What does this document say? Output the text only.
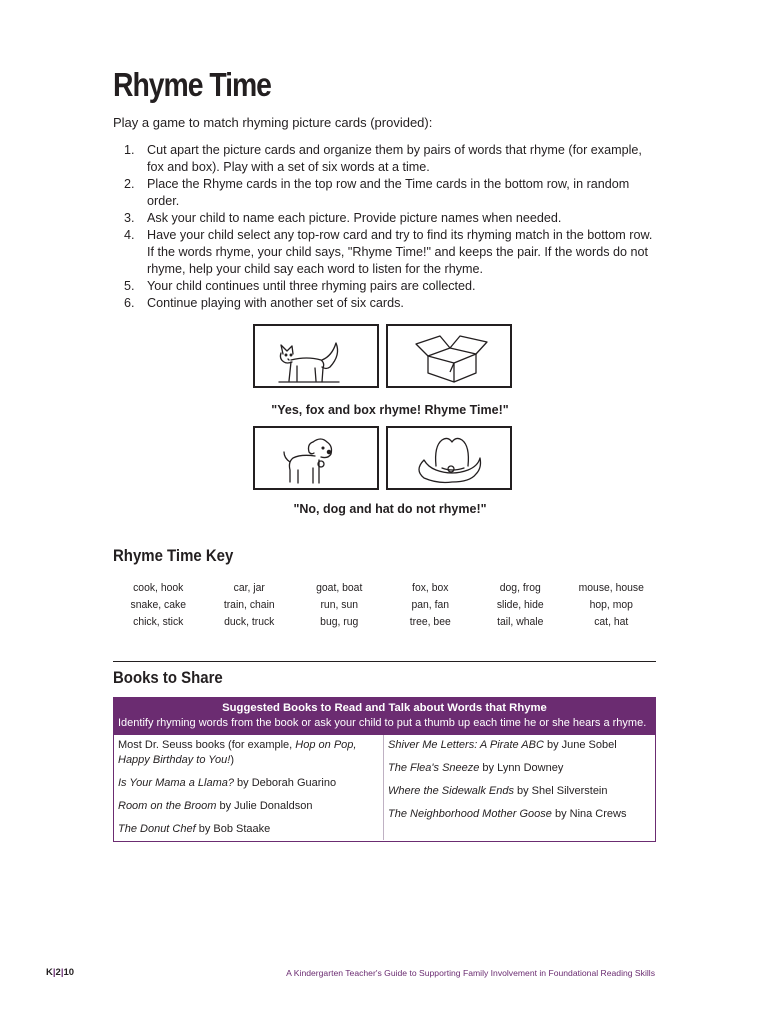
Rhyme Time

Play a game to match rhyming picture cards (provided):

1. Cut apart the picture cards and organize them by pairs of words that rhyme (for example, fox and box). Play with a set of six words at a time.
2. Place the Rhyme cards in the top row and the Time cards in the bottom row, in random order.
3. Ask your child to name each picture. Provide picture names when needed.
4. Have your child select any top-row card and try to find its rhyming match in the bottom row. If the words rhyme, your child says, "Rhyme Time!" and keeps the pair. If the words do not rhyme, help your child say each word to listen for the rhyme.
5. Your child continues until three rhyming pairs are collected.
6. Continue playing with another set of six cards.
"Yes, fox and box rhyme! Rhyme Time!"
"No, dog and hat do not rhyme!"
Rhyme Time Key
cook, hook	car, jar	goat, boat	fox, box	dog, frog	mouse, house
snake, cake	train, chain	run, sun	pan, fan	slide, hide	hop, mop
chick, stick	duck, truck	bug, rug	tree, bee	tail, whale	cat, hat
Books to Share
Suggested Books to Read and Talk about Words that Rhyme
Identify rhyming words from the book or ask your child to put a thumb up each time he or she hears a rhyme.
Most Dr. Seuss books (for example, Hop on Pop, Happy Birthday to You!)
Is Your Mama a Llama? by Deborah Guarino
Room on the Broom by Julie Donaldson
The Donut Chef by Bob Staake
Shiver Me Letters: A Pirate ABC by June Sobel
The Flea's Sneeze by Lynn Downey
Where the Sidewalk Ends by Shel Silverstein
The Neighborhood Mother Goose by Nina Crews
K|2|10	A Kindergarten Teacher's Guide to Supporting Family Involvement in Foundational Reading Skills
